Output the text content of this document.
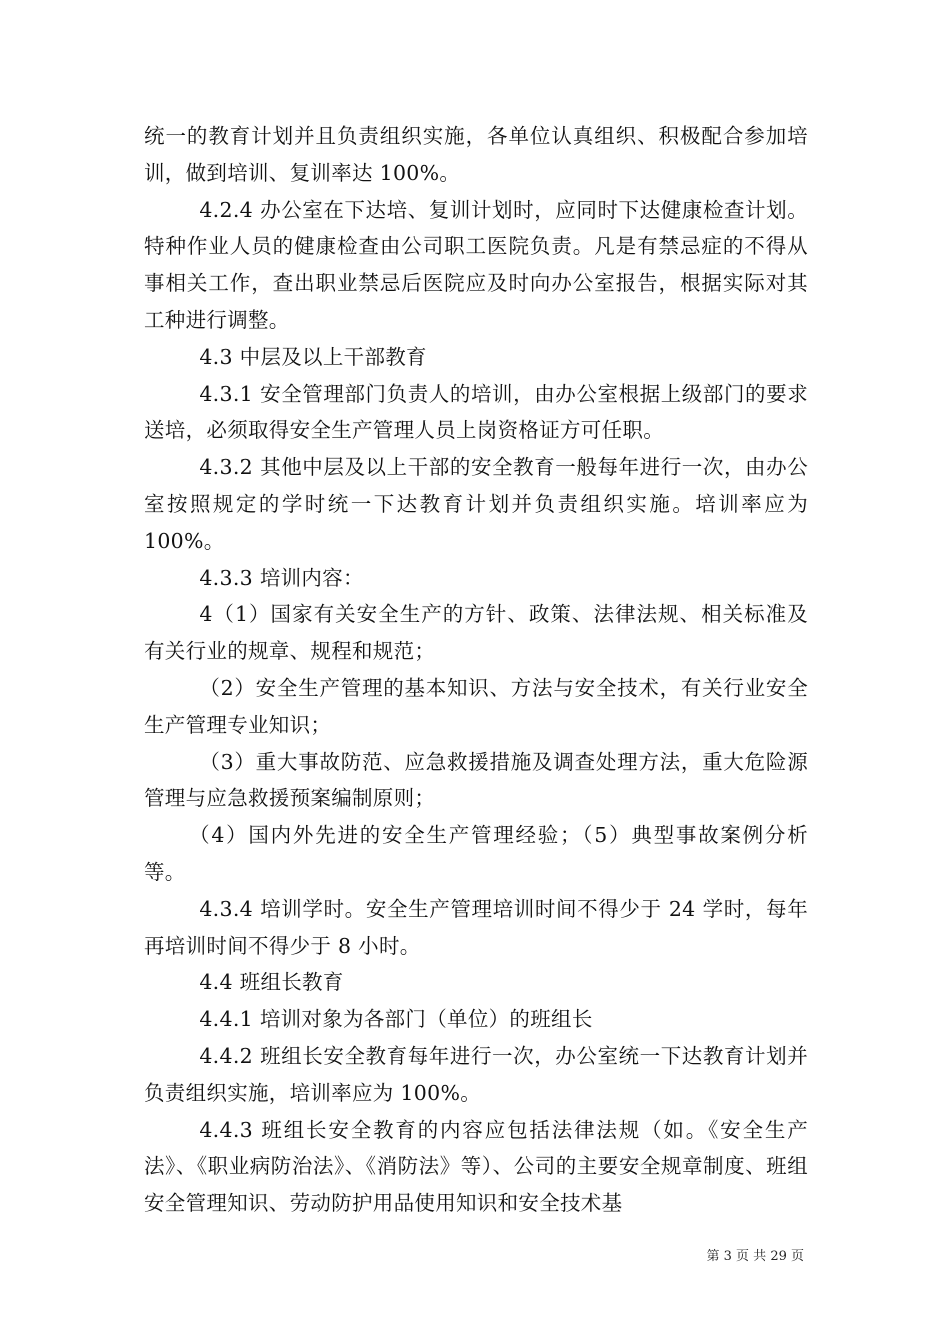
统一的教育计划并且负责组织实施，各单位认真组织、积极配合参加培训，做到培训、复训率达 100%。

4.2.4 办公室在下达培、复训计划时，应同时下达健康检查计划。特种作业人员的健康检查由公司职工医院负责。凡是有禁忌症的不得从事相关工作，查出职业禁忌后医院应及时向办公室报告，根据实际对其工种进行调整。

4.3 中层及以上干部教育

4.3.1 安全管理部门负责人的培训，由办公室根据上级部门的要求送培，必须取得安全生产管理人员上岗资格证方可任职。

4.3.2 其他中层及以上干部的安全教育一般每年进行一次，由办公室按照规定的学时统一下达教育计划并负责组织实施。培训率应为 100%。

4.3.3 培训内容：

4（1）国家有关安全生产的方针、政策、法律法规、相关标准及有关行业的规章、规程和规范；

（2）安全生产管理的基本知识、方法与安全技术，有关行业安全生产管理专业知识；

（3）重大事故防范、应急救援措施及调查处理方法，重大危险源管理与应急救援预案编制原则；

（4）国内外先进的安全生产管理经验；（5）典型事故案例分析等。

4.3.4 培训学时。安全生产管理培训时间不得少于 24 学时，每年再培训时间不得少于 8 小时。

4.4 班组长教育

4.4.1 培训对象为各部门（单位）的班组长

4.4.2 班组长安全教育每年进行一次，办公室统一下达教育计划并负责组织实施，培训率应为 100%。

4.4.3 班组长安全教育的内容应包括法律法规（如。《安全生产法》、《职业病防治法》、《消防法》等）、公司的主要安全规章制度、班组安全管理知识、劳动防护用品使用知识和安全技术基

第 3 页 共 29 页
